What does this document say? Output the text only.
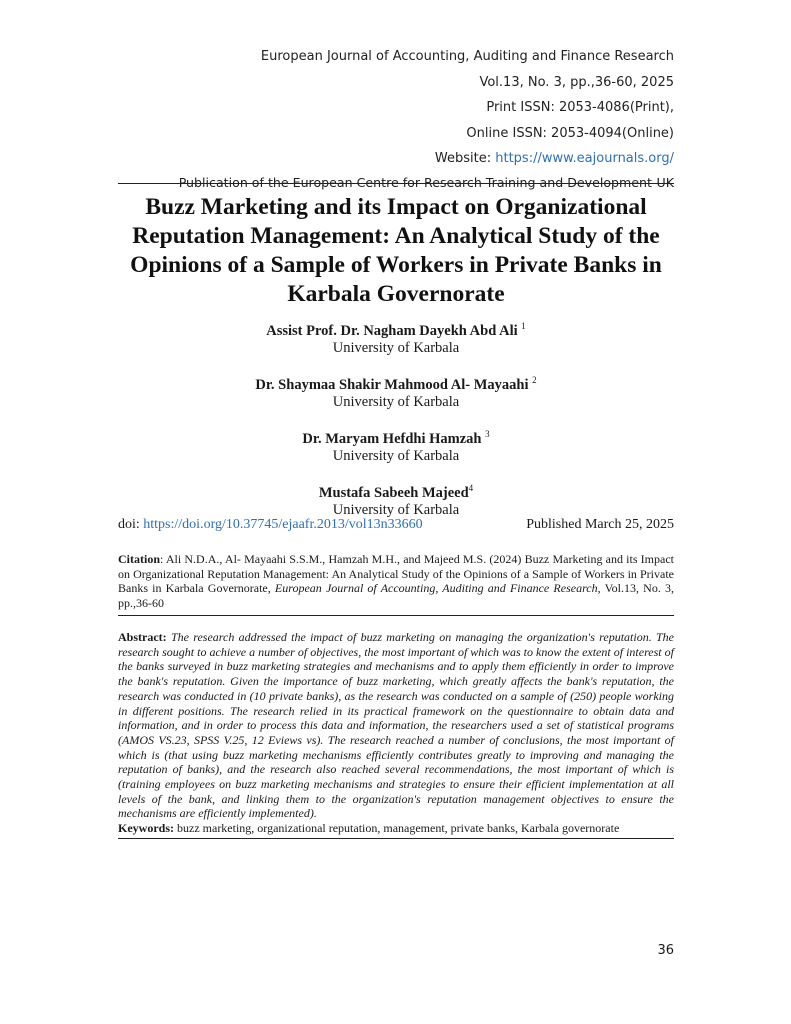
European Journal of Accounting, Auditing and Finance Research
Vol.13, No. 3, pp.,36-60, 2025
Print ISSN: 2053-4086(Print),
Online ISSN: 2053-4094(Online)
Website: https://www.eajournals.org/
Publication of the European Centre for Research Training and Development-UK
Buzz Marketing and its Impact on Organizational Reputation Management: An Analytical Study of the Opinions of a Sample of Workers in Private Banks in Karbala Governorate
Assist Prof. Dr. Nagham Dayekh Abd Ali $^1$
University of Karbala
Dr. Shaymaa Shakir Mahmood Al- Mayaahi $^2$
University of Karbala
Dr. Maryam Hefdhi Hamzah $^3$
University of Karbala
Mustafa Sabeeh Majeed$^4$
University of Karbala
doi: https://doi.org/10.37745/ejaafr.2013/vol13n33660	Published March 25, 2025
Citation: Ali N.D.A., Al- Mayaahi S.S.M., Hamzah M.H., and Majeed M.S. (2024) Buzz Marketing and its Impact on Organizational Reputation Management: An Analytical Study of the Opinions of a Sample of Workers in Private Banks in Karbala Governorate, European Journal of Accounting, Auditing and Finance Research, Vol.13, No. 3, pp.,36-60
Abstract: The research addressed the impact of buzz marketing on managing the organization's reputation. The research sought to achieve a number of objectives, the most important of which was to know the extent of interest of the banks surveyed in buzz marketing strategies and mechanisms and to apply them efficiently in order to improve the bank's reputation. Given the importance of buzz marketing, which greatly affects the bank's reputation, the research was conducted in (10 private banks), as the research was conducted on a sample of (250) people working in different positions. The research relied in its practical framework on the questionnaire to obtain data and information, and in order to process this data and information, the researchers used a set of statistical programs (AMOS VS.23, SPSS V.25, 12 Eviews vs). The research reached a number of conclusions, the most important of which is (that using buzz marketing mechanisms efficiently contributes greatly to improving and managing the reputation of banks), and the research also reached several recommendations, the most important of which is (training employees on buzz marketing mechanisms and strategies to ensure their efficient implementation at all levels of the bank, and linking them to the organization's reputation management objectives to ensure the mechanisms are efficiently implemented).
Keywords: buzz marketing, organizational reputation, management, private banks, Karbala governorate
36
